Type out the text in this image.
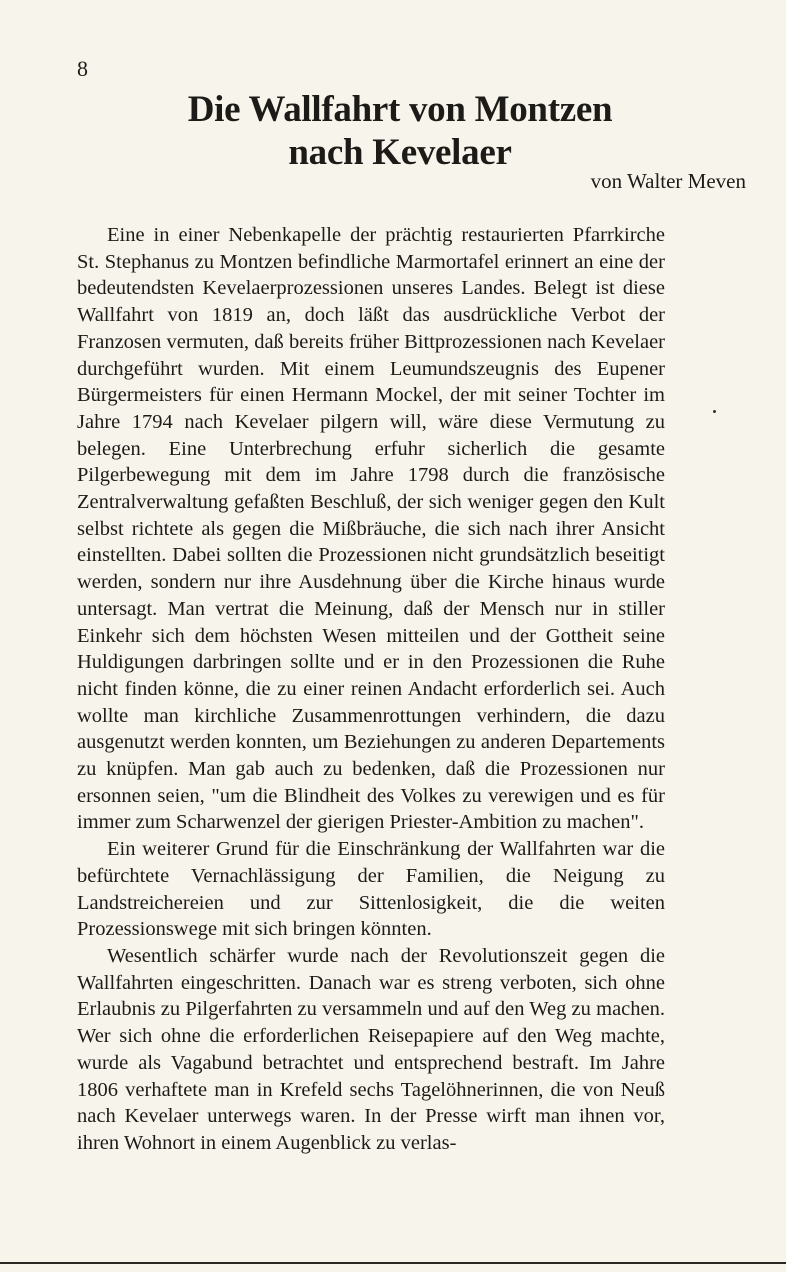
8
Die Wallfahrt von Montzen
nach Kevelaer
von Walter Meven

Eine in einer Nebenkapelle der prächtig restaurierten Pfarrkirche St. Stephanus zu Montzen befindliche Marmortafel erinnert an eine der bedeutendsten Kevelaerprozessionen unseres Landes. Belegt ist diese Wallfahrt von 1819 an, doch läßt das ausdrückliche Verbot der Franzosen vermuten, daß bereits früher Bittprozessionen nach Kevelaer durchgeführt wurden. Mit einem Leumundszeugnis des Eupener Bürgermeisters für einen Hermann Mockel, der mit seiner Tochter im Jahre 1794 nach Kevelaer pilgern will, wäre diese Vermutung zu belegen. Eine Unterbrechung erfuhr sicherlich die gesamte Pilgerbewegung mit dem im Jahre 1798 durch die französische Zentralverwaltung gefaßten Beschluß, der sich weniger gegen den Kult selbst richtete als gegen die Mißbräuche, die sich nach ihrer Ansicht einstellten. Dabei sollten die Prozessionen nicht grundsätzlich beseitigt werden, sondern nur ihre Ausdehnung über die Kirche hinaus wurde untersagt. Man vertrat die Meinung, daß der Mensch nur in stiller Einkehr sich dem höchsten Wesen mitteilen und der Gottheit seine Huldigungen darbringen sollte und er in den Prozessionen die Ruhe nicht finden könne, die zu einer reinen Andacht erforderlich sei. Auch wollte man kirchliche Zusammenrottungen verhindern, die dazu ausgenutzt werden konnten, um Beziehungen zu anderen Departements zu knüpfen. Man gab auch zu bedenken, daß die Prozessionen nur ersonnen seien, "um die Blindheit des Volkes zu verewigen und es für immer zum Scharwenzel der gierigen Priester-Ambition zu machen".

Ein weiterer Grund für die Einschränkung der Wallfahrten war die befürchtete Vernachlässigung der Familien, die Neigung zu Landstreichereien und zur Sittenlosigkeit, die die weiten Prozessionswege mit sich bringen könnten.

Wesentlich schärfer wurde nach der Revolutionszeit gegen die Wallfahrten eingeschritten. Danach war es streng verboten, sich ohne Erlaubnis zu Pilgerfahrten zu versammeln und auf den Weg zu machen. Wer sich ohne die erforderlichen Reisepapiere auf den Weg machte, wurde als Vagabund betrachtet und entsprechend bestraft. Im Jahre 1806 verhaftete man in Krefeld sechs Tagelöhnerinnen, die von Neuß nach Kevelaer unterwegs waren. In der Presse wirft man ihnen vor, ihren Wohnort in einem Augenblick zu verlas-
